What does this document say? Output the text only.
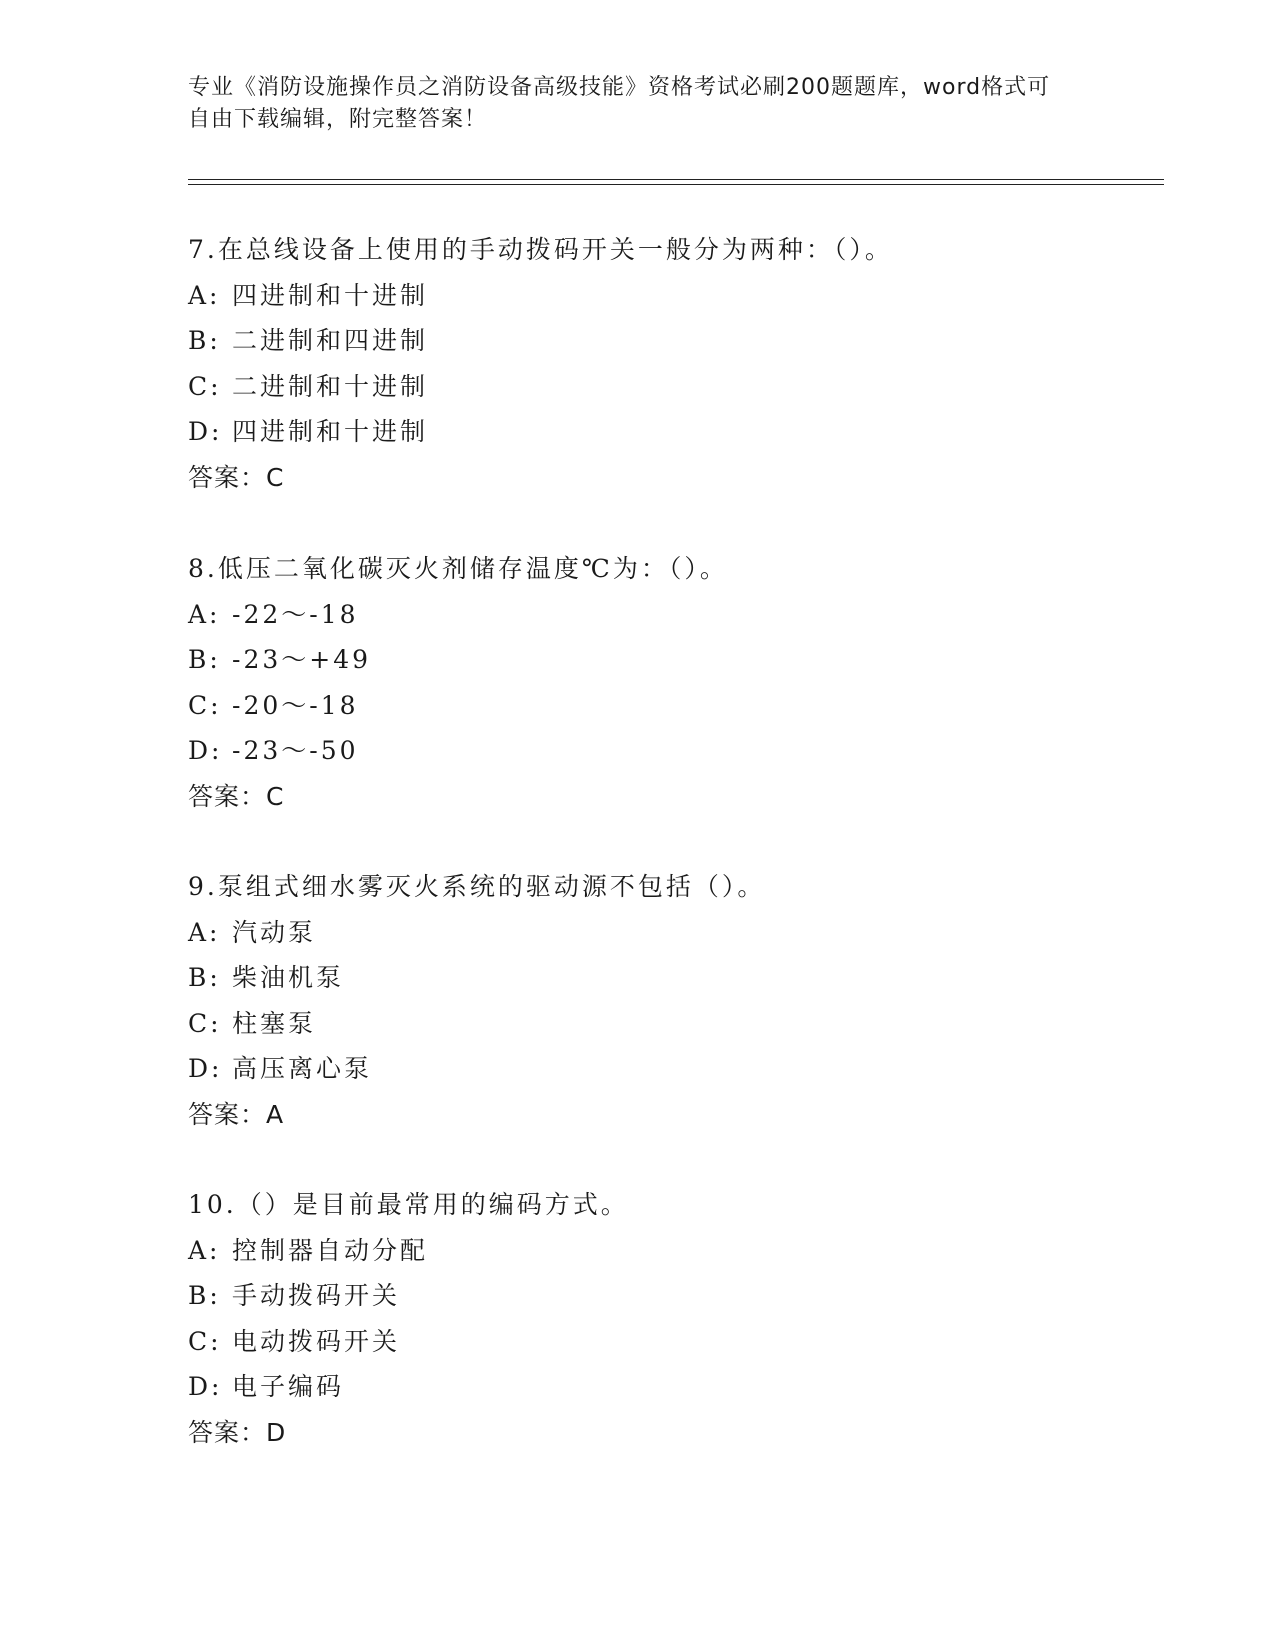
专业《消防设施操作员之消防设备高级技能》资格考试必刷200题题库，word格式可自由下载编辑，附完整答案！
7.在总线设备上使用的手动拨码开关一般分为两种：（）。
A: 四进制和十进制
B: 二进制和四进制
C: 二进制和十进制
D: 四进制和十进制
答案：C
8.低压二氧化碳灭火剂储存温度℃为：（）。
A: -22～-18
B: -23～+49
C: -20～-18
D: -23～-50
答案：C
9.泵组式细水雾灭火系统的驱动源不包括（）。
A: 汽动泵
B: 柴油机泵
C: 柱塞泵
D: 高压离心泵
答案：A
10.（）是目前最常用的编码方式。
A: 控制器自动分配
B: 手动拨码开关
C: 电动拨码开关
D: 电子编码
答案：D
